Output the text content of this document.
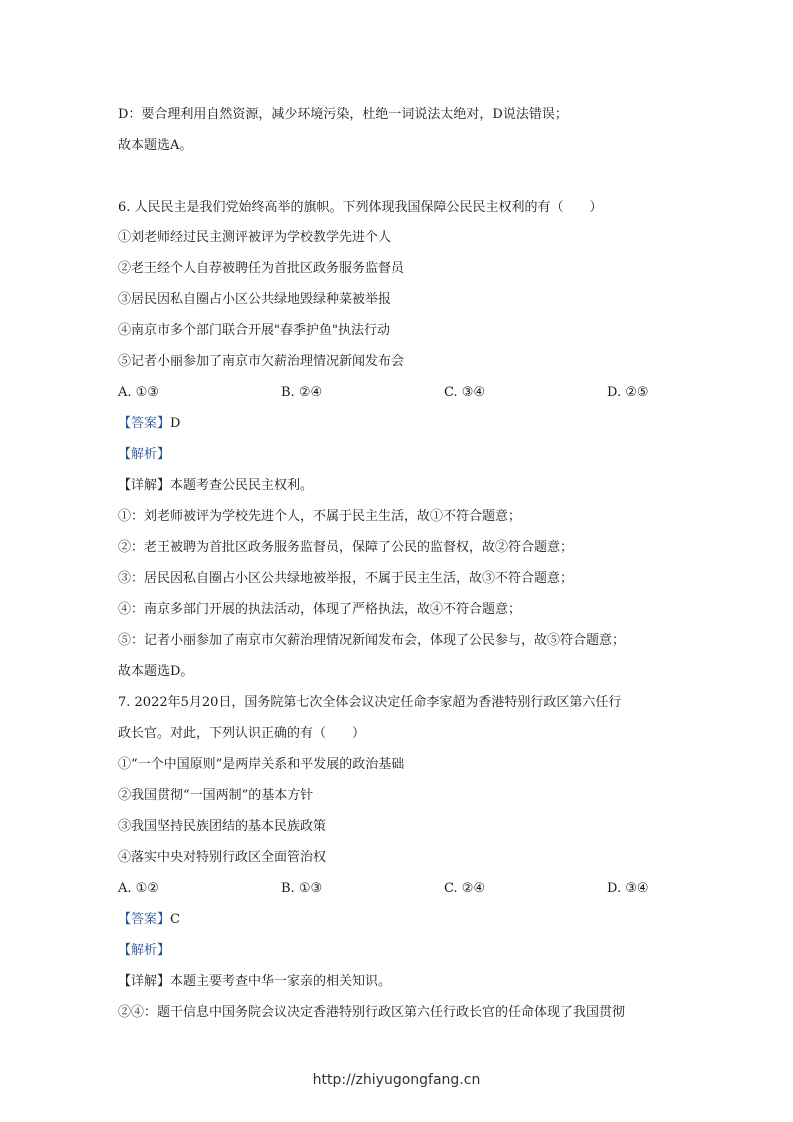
D：要合理利用自然资源，减少环境污染，杜绝一词说法太绝对，D说法错误；
故本题选A。
6. 人民民主是我们党始终高举的旗帜。下列体现我国保障公民民主权利的有（　　）
①刘老师经过民主测评被评为学校教学先进个人
②老王经个人自荐被聘任为首批区政务服务监督员
③居民因私自圈占小区公共绿地毁绿种菜被举报
④南京市多个部门联合开展"春季护鱼"执法行动
⑤记者小丽参加了南京市欠薪治理情况新闻发布会
A. ①③	B. ②④	C. ③④	D. ②⑤
【答案】D
【解析】
【详解】本题考查公民民主权利。
①：刘老师被评为学校先进个人，不属于民主生活，故①不符合题意；
②：老王被聘为首批区政务服务监督员，保障了公民的监督权，故②符合题意；
③：居民因私自圈占小区公共绿地被举报，不属于民主生活，故③不符合题意；
④：南京多部门开展的执法活动，体现了严格执法，故④不符合题意；
⑤：记者小丽参加了南京市欠薪治理情况新闻发布会，体现了公民参与，故⑤符合题意；
故本题选D。
7. 2022年5月20日，国务院第七次全体会议决定任命李家超为香港特别行政区第六任行
政长官。对此，下列认识正确的有（　　）
①“一个中国原则”是两岸关系和平发展的政治基础
②我国贯彻“一国两制”的基本方针
③我国坚持民族团结的基本民族政策
④落实中央对特别行政区全面管治权
A. ①②	B. ①③	C. ②④	D. ③④
【答案】C
【解析】
【详解】本题主要考查中华一家亲的相关知识。
②④：题干信息中国务院会议决定香港特别行政区第六任行政长官的任命体现了我国贯彻
http://zhiyugongfang.cn
